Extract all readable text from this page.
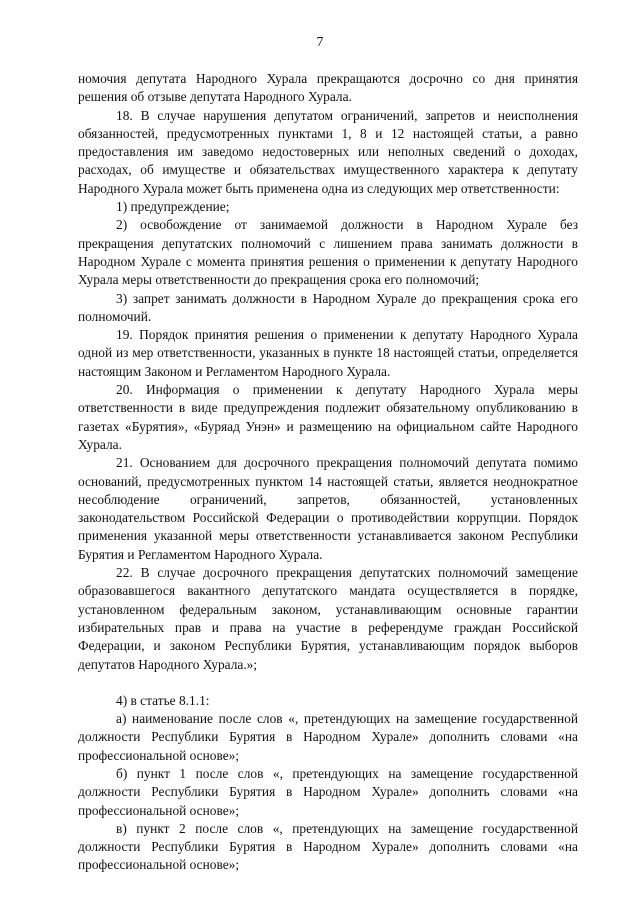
7

номочия депутата Народного Хурала прекращаются досрочно со дня принятия решения об отзыве депутата Народного Хурала.

18. В случае нарушения депутатом ограничений, запретов и неисполнения обязанностей, предусмотренных пунктами 1, 8 и 12 настоящей статьи, а равно предоставления им заведомо недостоверных или неполных сведений о доходах, расходах, об имуществе и обязательствах имущественного характера к депутату Народного Хурала может быть применена одна из следующих мер ответственности:

1) предупреждение;

2) освобождение от занимаемой должности в Народном Хурале без прекращения депутатских полномочий с лишением права занимать должности в Народном Хурале с момента принятия решения о применении к депутату Народного Хурала меры ответственности до прекращения срока его полномочий;

3) запрет занимать должности в Народном Хурале до прекращения срока его полномочий.

19. Порядок принятия решения о применении к депутату Народного Хурала одной из мер ответственности, указанных в пункте 18 настоящей статьи, определяется настоящим Законом и Регламентом Народного Хурала.

20. Информация о применении к депутату Народного Хурала меры ответственности в виде предупреждения подлежит обязательному опубликованию в газетах «Бурятия», «Буряад Унэн» и размещению на официальном сайте Народного Хурала.

21. Основанием для досрочного прекращения полномочий депутата помимо оснований, предусмотренных пунктом 14 настоящей статьи, является неоднократное несоблюдение ограничений, запретов, обязанностей, установленных законодательством Российской Федерации о противодействии коррупции. Порядок применения указанной меры ответственности устанавливается законом Республики Бурятия и Регламентом Народного Хурала.

22. В случае досрочного прекращения депутатских полномочий замещение образовавшегося вакантного депутатского мандата осуществляется в порядке, установленном федеральным законом, устанавливающим основные гарантии избирательных прав и права на участие в референдуме граждан Российской Федерации, и законом Республики Бурятия, устанавливающим порядок выборов депутатов Народного Хурала.»;

4) в статье 8.1.1:

а) наименование после слов «, претендующих на замещение государственной должности Республики Бурятия в Народном Хурале» дополнить словами «на профессиональной основе»;

б) пункт 1 после слов «, претендующих на замещение государственной должности Республики Бурятия в Народном Хурале» дополнить словами «на профессиональной основе»;

в) пункт 2 после слов «, претендующих на замещение государственной должности Республики Бурятия в Народном Хурале» дополнить словами «на профессиональной основе»;
